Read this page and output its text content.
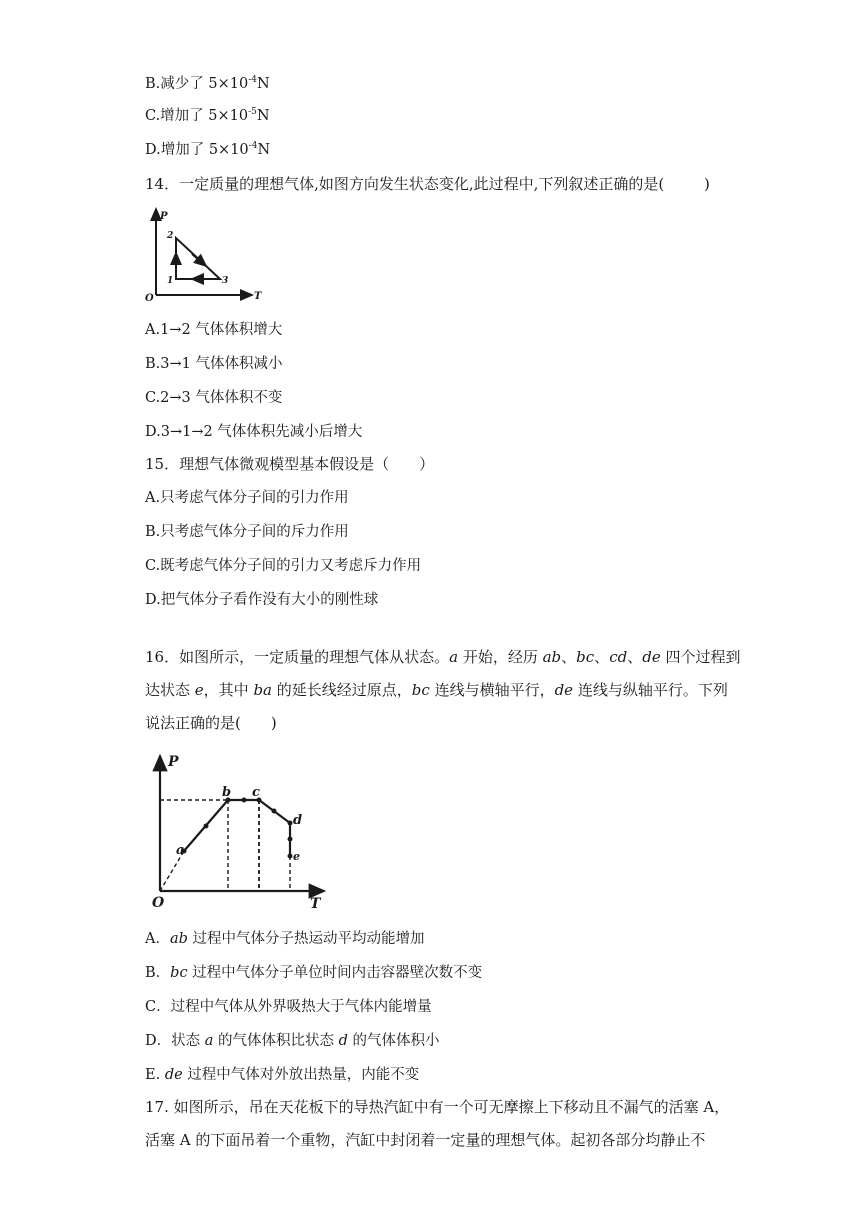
B.减少了 $5\times 10^{-4}N$
C.增加了 $5\times 10^{-5}N$
D.增加了 $5\times 10^{-4}N$
14．一定质量的理想气体,如图方向发生状态变化,此过程中,下列叙述正确的是(	)
P
T
O
2
1	3
A.1→2 气体体积增大
B.3→1 气体体积减小
C.2→3 气体体积不变
D.3→1→2 气体体积先减小后增大
15．理想气体微观模型基本假设是（　　）
A.只考虑气体分子间的引力作用
B.只考虑气体分子间的斥力作用
C.既考虑气体分子间的引力又考虑斥力作用
D.把气体分子看作没有大小的刚性球
16．如图所示，一定质量的理想气体从状态。a 开始，经历 ab、bc、cd、de 四个过程到
达状态 e，其中 ba 的延长线经过原点，bc 连线与横轴平行，de 连线与纵轴平行。下列
说法正确的是(　　)
P
T
O
a
b c
d
e
A．ab 过程中气体分子热运动平均动能增加
B．bc 过程中气体分子单位时间内击容器壁次数不变
C．过程中气体从外界吸热大于气体内能增量
D．状态 a 的气体体积比状态 d 的气体体积小
E. de 过程中气体对外放出热量，内能不变
17. 如图所示，吊在天花板下的导热汽缸中有一个可无摩擦上下移动且不漏气的活塞 A，
活塞 A 的下面吊着一个重物，汽缸中封闭着一定量的理想气体。起初各部分均静止不
